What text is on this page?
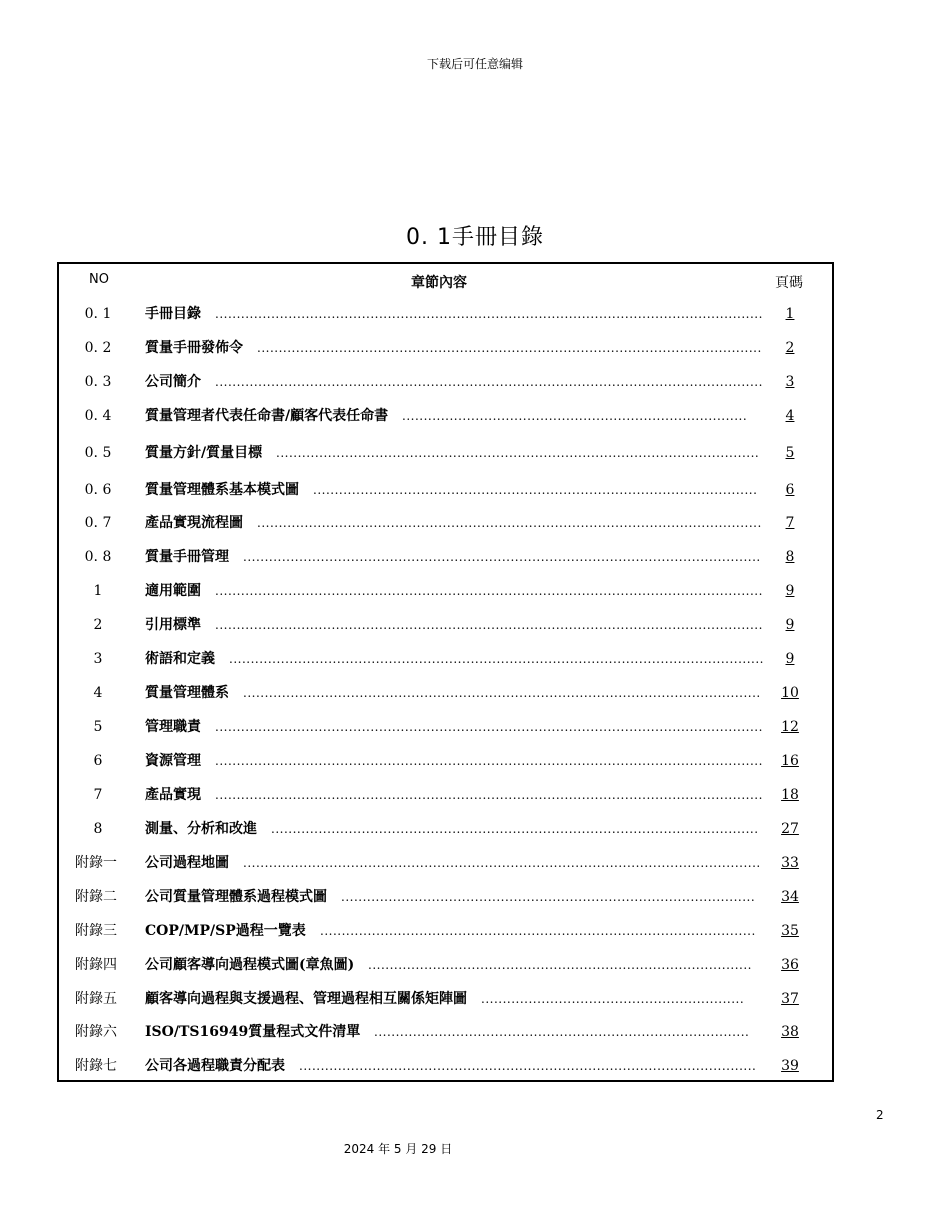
下载后可任意编辑
0. 1手冊目錄
NO	章節內容	頁碼
0. 1	手冊目錄 ...............................................................................................................................	1
0. 2	質量手冊發佈令 .....................................................................................................................	2
0. 3	公司簡介 ...............................................................................................................................	3
0. 4	質量管理者代表任命書/顧客代表任命書 ................................................................................	4
0. 5	質量方針/質量目標 ................................................................................................................	5
0. 6	質量管理體系基本模式圖 .......................................................................................................	6
0. 7	產品實現流程圖 .....................................................................................................................	7
0. 8	質量手冊管理 ........................................................................................................................	8
1	適用範圍 ...............................................................................................................................	9
2	引用標準 ...............................................................................................................................	9
3	術語和定義 ............................................................................................................................	9
4	質量管理體系 ........................................................................................................................	10
5	管理職責 ...............................................................................................................................	12
6	資源管理 ...............................................................................................................................	16
7	產品實現 ...............................................................................................................................	18
8	測量、分析和改進 .................................................................................................................	27
附錄一 公司過程地圖 ........................................................................................................................	33
附錄二 公司質量管理體系過程模式圖 ................................................................................................	34
附錄三 COP/MP/SP過程一覽表 .....................................................................................................	35
附錄四 公司顧客導向過程模式圖(章魚圖) .........................................................................................	36
附錄五 顧客導向過程與支援過程、管理過程相互關係矩陣圖 .............................................................	37
附錄六 ISO/TS16949質量程式文件清單 .......................................................................................	38
附錄七 公司各過程職責分配表 ..........................................................................................................	39
2
2024 年 5 月 29 日
